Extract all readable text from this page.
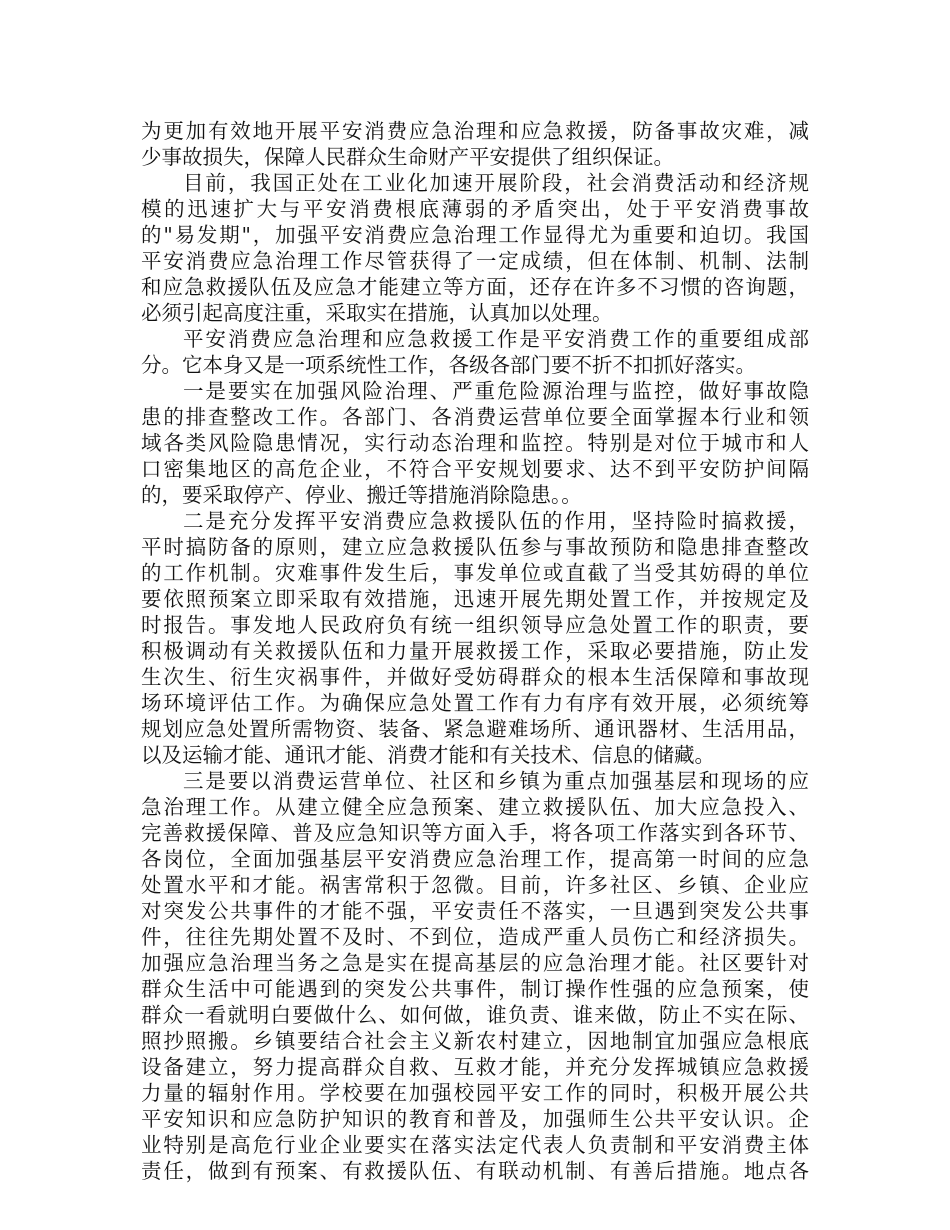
为更加有效地开展平安消费应急治理和应急救援，防备事故灾难，减
少事故损失，保障人民群众生命财产平安提供了组织保证。
目前，我国正处在工业化加速开展阶段，社会消费活动和经济规
模的迅速扩大与平安消费根底薄弱的矛盾突出，处于平安消费事故
的"易发期"，加强平安消费应急治理工作显得尤为重要和迫切。我国
平安消费应急治理工作尽管获得了一定成绩，但在体制、机制、法制
和应急救援队伍及应急才能建立等方面，还存在许多不习惯的咨询题，
必须引起高度注重，采取实在措施，认真加以处理。
平安消费应急治理和应急救援工作是平安消费工作的重要组成部
分。它本身又是一项系统性工作，各级各部门要不折不扣抓好落实。
一是要实在加强风险治理、严重危险源治理与监控，做好事故隐
患的排查整改工作。各部门、各消费运营单位要全面掌握本行业和领
域各类风险隐患情况，实行动态治理和监控。特别是对位于城市和人
口密集地区的高危企业，不符合平安规划要求、达不到平安防护间隔
的，要采取停产、停业、搬迁等措施消除隐患。。
二是充分发挥平安消费应急救援队伍的作用，坚持险时搞救援，
平时搞防备的原则，建立应急救援队伍参与事故预防和隐患排查整改
的工作机制。灾难事件发生后，事发单位或直截了当受其妨碍的单位
要依照预案立即采取有效措施，迅速开展先期处置工作，并按规定及
时报告。事发地人民政府负有统一组织领导应急处置工作的职责，要
积极调动有关救援队伍和力量开展救援工作，采取必要措施，防止发
生次生、衍生灾祸事件，并做好受妨碍群众的根本生活保障和事故现
场环境评估工作。为确保应急处置工作有力有序有效开展，必须统筹
规划应急处置所需物资、装备、紧急避难场所、通讯器材、生活用品，
以及运输才能、通讯才能、消费才能和有关技术、信息的储藏。
三是要以消费运营单位、社区和乡镇为重点加强基层和现场的应
急治理工作。从建立健全应急预案、建立救援队伍、加大应急投入、
完善救援保障、普及应急知识等方面入手，将各项工作落实到各环节、
各岗位，全面加强基层平安消费应急治理工作，提高第一时间的应急
处置水平和才能。祸害常积于忽微。目前，许多社区、乡镇、企业应
对突发公共事件的才能不强，平安责任不落实，一旦遇到突发公共事
件，往往先期处置不及时、不到位，造成严重人员伤亡和经济损失。
加强应急治理当务之急是实在提高基层的应急治理才能。社区要针对
群众生活中可能遇到的突发公共事件，制订操作性强的应急预案，使
群众一看就明白要做什么、如何做，谁负责、谁来做，防止不实在际、
照抄照搬。乡镇要结合社会主义新农村建立，因地制宜加强应急根底
设备建立，努力提高群众自救、互救才能，并充分发挥城镇应急救援
力量的辐射作用。学校要在加强校园平安工作的同时，积极开展公共
平安知识和应急防护知识的教育和普及，加强师生公共平安认识。企
业特别是高危行业企业要实在落实法定代表人负责制和平安消费主体
责任，做到有预案、有救援队伍、有联动机制、有善后措施。地点各
